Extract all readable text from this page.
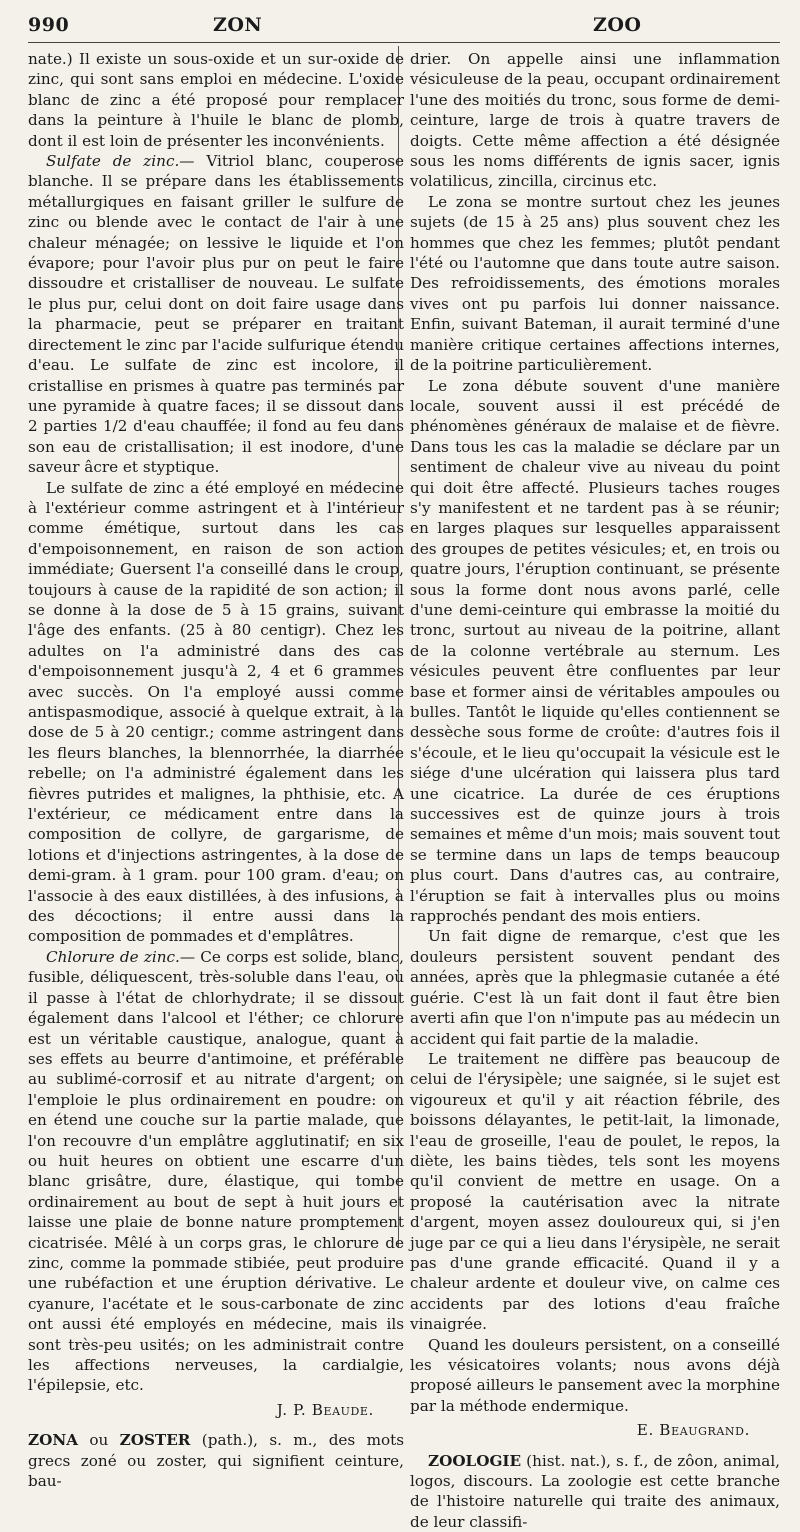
990	ZON	ZOO

nate.) Il existe un sous-oxide et un sur-oxide de zinc, qui sont sans emploi en médecine. L'oxide blanc de zinc a été proposé pour remplacer dans la peinture à l'huile le blanc de plomb, dont il est loin de présenter les inconvénients.

Sulfate de zinc.— Vitriol blanc, couperose blanche. Il se prépare dans les établissements métallurgiques en faisant griller le sulfure de zinc ou blende avec le contact de l'air à une chaleur ménagée; on lessive le liquide et l'on évapore; pour l'avoir plus pur on peut le faire dissoudre et cristalliser de nouveau. Le sulfate le plus pur, celui dont on doit faire usage dans la pharmacie, peut se préparer en traitant directement le zinc par l'acide sulfurique étendu d'eau. Le sulfate de zinc est incolore, il cristallise en prismes à quatre pas terminés par une pyramide à quatre faces; il se dissout dans 2 parties 1/2 d'eau chauffée; il fond au feu dans son eau de cristallisation; il est inodore, d'une saveur âcre et styptique.

Le sulfate de zinc a été employé en médecine à l'extérieur comme astringent et à l'intérieur comme émétique, surtout dans les cas d'empoisonnement, en raison de son action immédiate; Guersent l'a conseillé dans le croup, toujours à cause de la rapidité de son action; il se donne à la dose de 5 à 15 grains, suivant l'âge des enfants. (25 à 80 centigr). Chez les adultes on l'a administré dans des cas d'empoisonnement jusqu'à 2, 4 et 6 grammes avec succès. On l'a employé aussi comme antispasmodique, associé à quelque extrait, à la dose de 5 à 20 centigr.; comme astringent dans les fleurs blanches, la blennorrhée, la diarrhée rebelle; on l'a administré également dans les fièvres putrides et malignes, la phthisie, etc. A l'extérieur, ce médicament entre dans la composition de collyre, de gargarisme, de lotions et d'injections astringentes, à la dose de demi-gram. à 1 gram. pour 100 gram. d'eau; on l'associe à des eaux distillées, à des infusions, à des décoctions; il entre aussi dans la composition de pommades et d'emplâtres.

Chlorure de zinc.— Ce corps est solide, blanc, fusible, déliquescent, très-soluble dans l'eau, où il passe à l'état de chlorhydrate; il se dissout également dans l'alcool et l'éther; ce chlorure est un véritable caustique, analogue, quant à ses effets au beurre d'antimoine, et préférable au sublimé-corrosif et au nitrate d'argent; on l'emploie le plus ordinairement en poudre: on en étend une couche sur la partie malade, que l'on recouvre d'un emplâtre agglutinatif; en six ou huit heures on obtient une escarre d'un blanc grisâtre, dure, élastique, qui tombe ordinairement au bout de sept à huit jours et laisse une plaie de bonne nature promptement cicatrisée. Mêlé à un corps gras, le chlorure de zinc, comme la pommade stibiée, peut produire une rubéfaction et une éruption dérivative. Le cyanure, l'acétate et le sous-carbonate de zinc ont aussi été employés en médecine, mais ils sont très-peu usités; on les administrait contre les affections nerveuses, la cardialgie, l'épilepsie, etc.

J. P. Beaude.

ZONA ou ZOSTER (path.), s. m., des mots grecs zoné ou zoster, qui signifient ceinture, bau-

drier. On appelle ainsi une inflammation vésiculeuse de la peau, occupant ordinairement l'une des moitiés du tronc, sous forme de demi-ceinture, large de trois à quatre travers de doigts. Cette même affection a été désignée sous les noms différents de ignis sacer, ignis volatilicus, zincilla, circinus etc.

Le zona se montre surtout chez les jeunes sujets (de 15 à 25 ans) plus souvent chez les hommes que chez les femmes; plutôt pendant l'été ou l'automne que dans toute autre saison. Des refroidissements, des émotions morales vives ont pu parfois lui donner naissance. Enfin, suivant Bateman, il aurait terminé d'une manière critique certaines affections internes, de la poitrine particulièrement.

Le zona débute souvent d'une manière locale, souvent aussi il est précédé de phénomènes généraux de malaise et de fièvre. Dans tous les cas la maladie se déclare par un sentiment de chaleur vive au niveau du point qui doit être affecté. Plusieurs taches rouges s'y manifestent et ne tardent pas à se réunir; en larges plaques sur lesquelles apparaissent des groupes de petites vésicules; et, en trois ou quatre jours, l'éruption continuant, se présente sous la forme dont nous avons parlé, celle d'une demi-ceinture qui embrasse la moitié du tronc, surtout au niveau de la poitrine, allant de la colonne vertébrale au sternum. Les vésicules peuvent être confluentes par leur base et former ainsi de véritables ampoules ou bulles. Tantôt le liquide qu'elles contiennent se dessèche sous forme de croûte: d'autres fois il s'écoule, et le lieu qu'occupait la vésicule est le siége d'une ulcération qui laissera plus tard une cicatrice. La durée de ces éruptions successives est de quinze jours à trois semaines et même d'un mois; mais souvent tout se termine dans un laps de temps beaucoup plus court. Dans d'autres cas, au contraire, l'éruption se fait à intervalles plus ou moins rapprochés pendant des mois entiers.

Un fait digne de remarque, c'est que les douleurs persistent souvent pendant des années, après que la phlegmasie cutanée a été guérie. C'est là un fait dont il faut être bien averti afin que l'on n'impute pas au médecin un accident qui fait partie de la maladie.

Le traitement ne diffère pas beaucoup de celui de l'érysipèle; une saignée, si le sujet est vigoureux et qu'il y ait réaction fébrile, des boissons délayantes, le petit-lait, la limonade, l'eau de groseille, l'eau de poulet, le repos, la diète, les bains tièdes, tels sont les moyens qu'il convient de mettre en usage. On a proposé la cautérisation avec la nitrate d'argent, moyen assez douloureux qui, si j'en juge par ce qui a lieu dans l'érysipèle, ne serait pas d'une grande efficacité. Quand il y a chaleur ardente et douleur vive, on calme ces accidents par des lotions d'eau fraîche vinaigrée.

Quand les douleurs persistent, on a conseillé les vésicatoires volants; nous avons déjà proposé ailleurs le pansement avec la morphine par la méthode endermique.

E. Beaugrand.

ZOOLOGIE (hist. nat.), s. f., de zôon, animal, logos, discours. La zoologie est cette branche de l'histoire naturelle qui traite des animaux, de leur classifi-
